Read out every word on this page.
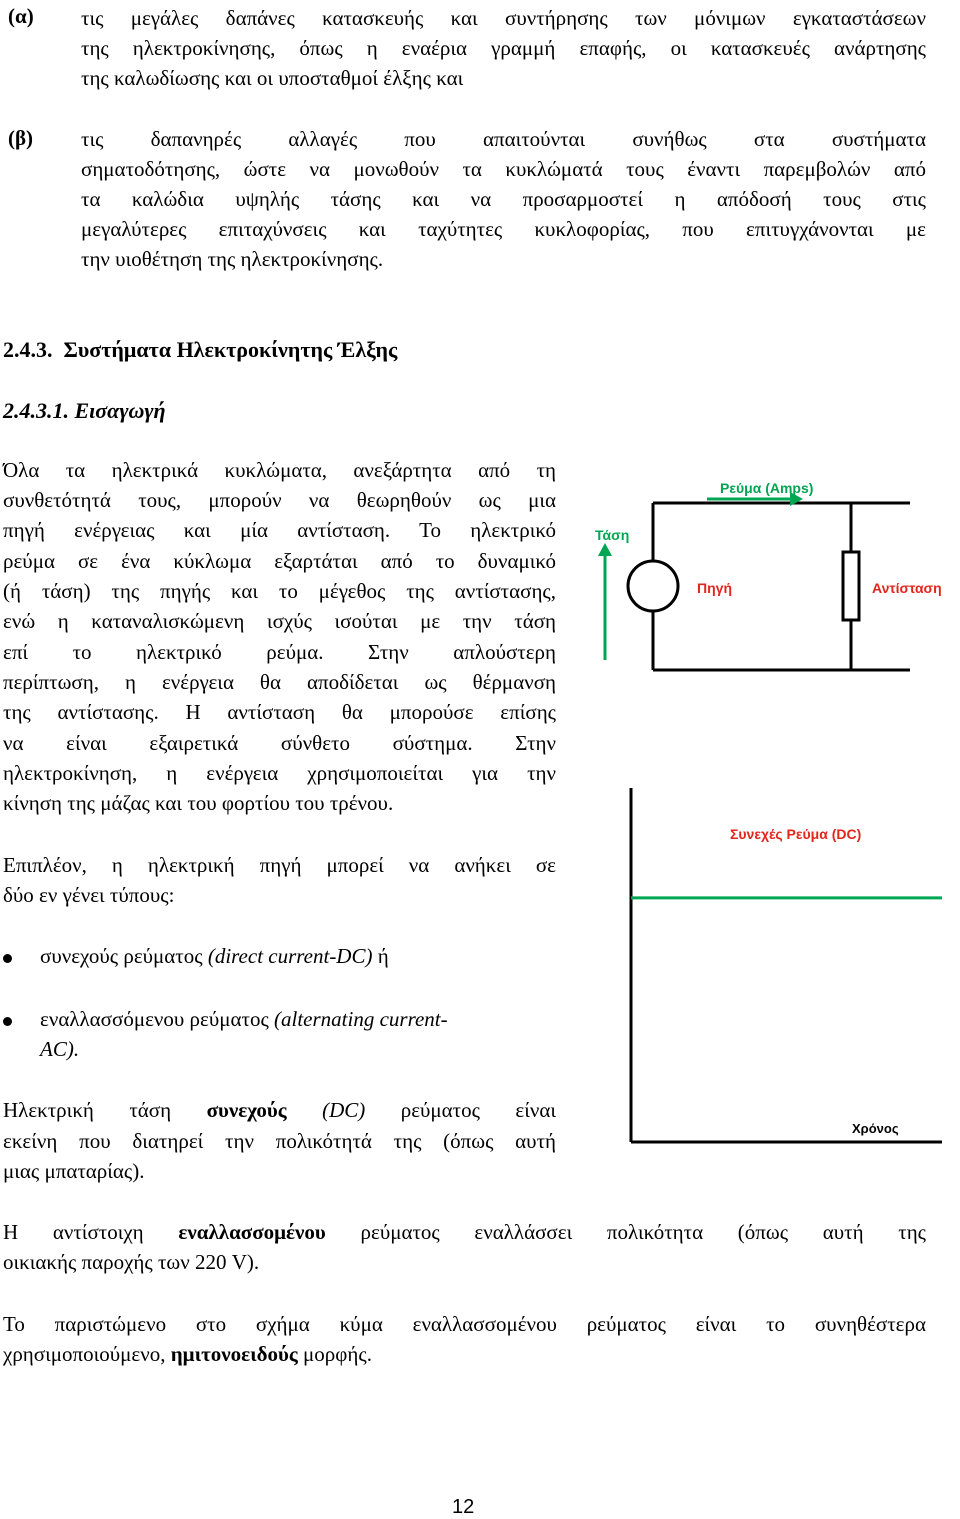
(α) τις μεγάλες δαπάνες κατασκευής και συντήρησης των μόνιμων εγκαταστάσεων
της ηλεκτροκίνησης, όπως η εναέρια γραμμή επαφής, οι κατασκευές ανάρτησης
της καλωδίωσης και οι υποσταθμοί έλξης και
(β) τις δαπανηρές αλλαγές που απαιτούνται συνήθως στα συστήματα
σηματοδότησης, ώστε να μονωθούν τα κυκλώματά τους έναντι παρεμβολών από
τα καλώδια υψηλής τάσης και να προσαρμοστεί η απόδοσή τους στις
μεγαλύτερες επιταχύνσεις και ταχύτητες κυκλοφορίας, που επιτυγχάνονται με
την υιοθέτηση της ηλεκτροκίνησης.
2.4.3. Συστήματα Ηλεκτροκίνητης Έλξης
2.4.3.1. Εισαγωγή
Όλα τα ηλεκτρικά κυκλώματα, ανεξάρτητα από τη
συνθετότητά τους, μπορούν να θεωρηθούν ως μια
πηγή ενέργειας και μία αντίσταση. Το ηλεκτρικό
ρεύμα σε ένα κύκλωμα εξαρτάται από το δυναμικό
(ή τάση) της πηγής και το μέγεθος της αντίστασης,
ενώ η καταναλισκώμενη ισχύς ισούται με την τάση
επί το ηλεκτρικό ρεύμα. Στην απλούστερη
περίπτωση, η ενέργεια θα αποδίδεται ως θέρμανση
της αντίστασης. Η αντίσταση θα μπορούσε επίσης
να είναι εξαιρετικά σύνθετο σύστημα. Στην
ηλεκτροκίνηση, η ενέργεια χρησιμοποιείται για την
κίνηση της μάζας και του φορτίου του τρένου.
Επιπλέον, η ηλεκτρική πηγή μπορεί να ανήκει σε
δύο εν γένει τύπους:
συνεχούς ρεύματος (direct current-DC) ή
εναλλασσόμενου ρεύματος (alternating current-
AC).
Ηλεκτρική τάση συνεχούς (DC) ρεύματος είναι
εκείνη που διατηρεί την πολικότητά της (όπως αυτή
μιας μπαταρίας).
Η αντίστοιχη εναλλασσομένου ρεύματος εναλλάσσει πολικότητα (όπως αυτή της
οικιακής παροχής των 220 V).
Το παριστώμενο στο σχήμα κύμα εναλλασσομένου ρεύματος είναι το συνηθέστερα
χρησιμοποιούμενο, ημιτονοειδούς μορφής.
Ρεύμα (Amps)
Τάση
Πηγή	Αντίσταση
Συνεχές Ρεύμα (DC)
Χρόνος
12
